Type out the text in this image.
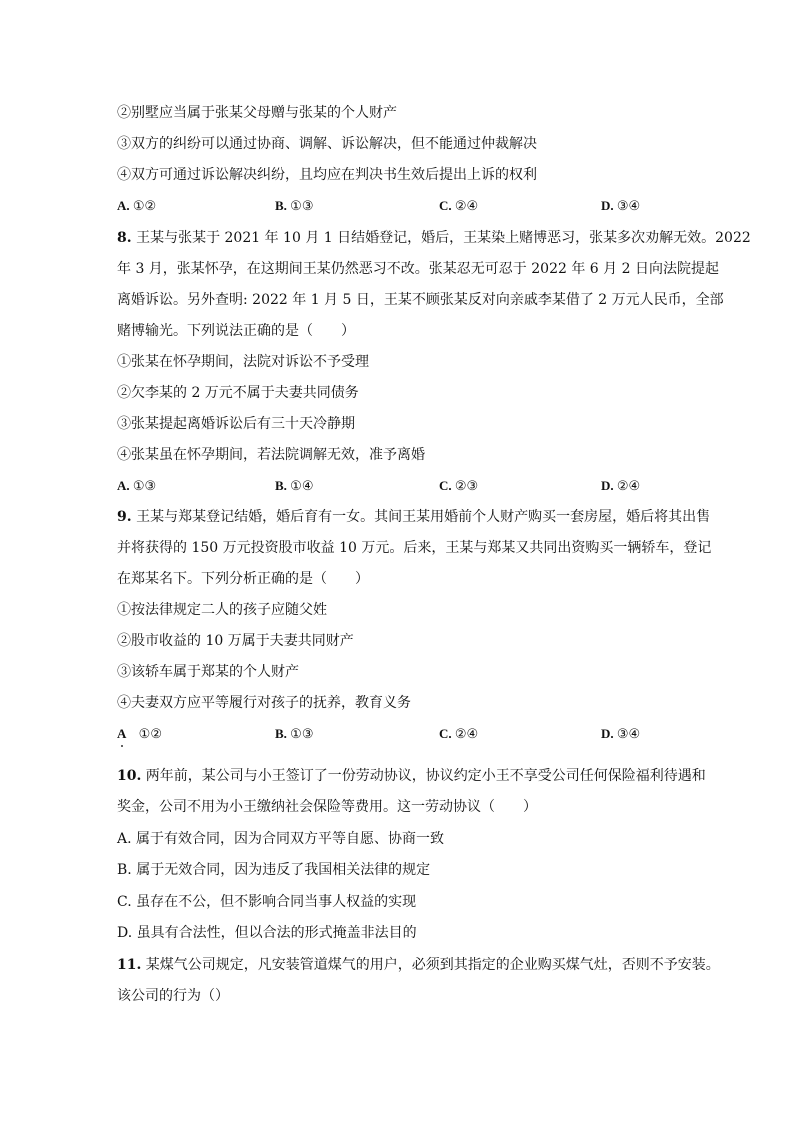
②别墅应当属于张某父母赠与张某的个人财产
③双方的纠纷可以通过协商、调解、诉讼解决，但不能通过仲裁解决
④双方可通过诉讼解决纠纷，且均应在判决书生效后提出上诉的权利
A. ①②	B. ①③	C. ②④	D. ③④
8. 王某与张某于 2021 年 10 月 1 日结婚登记，婚后，王某染上赌博恶习，张某多次劝解无效。2022
年 3 月，张某怀孕，在这期间王某仍然恶习不改。张某忍无可忍于 2022 年 6 月 2 日向法院提起
离婚诉讼。另外查明: 2022 年 1 月 5 日，王某不顾张某反对向亲戚李某借了 2 万元人民币，全部
赌博输光。下列说法正确的是（　　）
①张某在怀孕期间，法院对诉讼不予受理
②欠李某的 2 万元不属于夫妻共同债务
③张某提起离婚诉讼后有三十天冷静期
④张某虽在怀孕期间，若法院调解无效，准予离婚
A. ①③	B. ①④	C. ②③	D. ②④
9. 王某与郑某登记结婚，婚后育有一女。其间王某用婚前个人财产购买一套房屋，婚后将其出售
并将获得的 150 万元投资股市收益 10 万元。后来，王某与郑某又共同出资购买一辆轿车，登记
在郑某名下。下列分析正确的是（　　）
①按法律规定二人的孩子应随父姓
②股市收益的 10 万属于夫妻共同财产
③该轿车属于郑某的个人财产
④夫妻双方应平等履行对孩子的抚养，教育义务
A　①②	B. ①③	C. ②④	D. ③④
10. 两年前，某公司与小王签订了一份劳动协议，协议约定小王不享受公司任何保险福利待遇和
奖金，公司不用为小王缴纳社会保险等费用。这一劳动协议（　　）
A. 属于有效合同，因为合同双方平等自愿、协商一致
B. 属于无效合同，因为违反了我国相关法律的规定
C. 虽存在不公，但不影响合同当事人权益的实现
D. 虽具有合法性，但以合法的形式掩盖非法目的
11. 某煤气公司规定，凡安装管道煤气的用户，必须到其指定的企业购买煤气灶，否则不予安装。
该公司的行为（）
